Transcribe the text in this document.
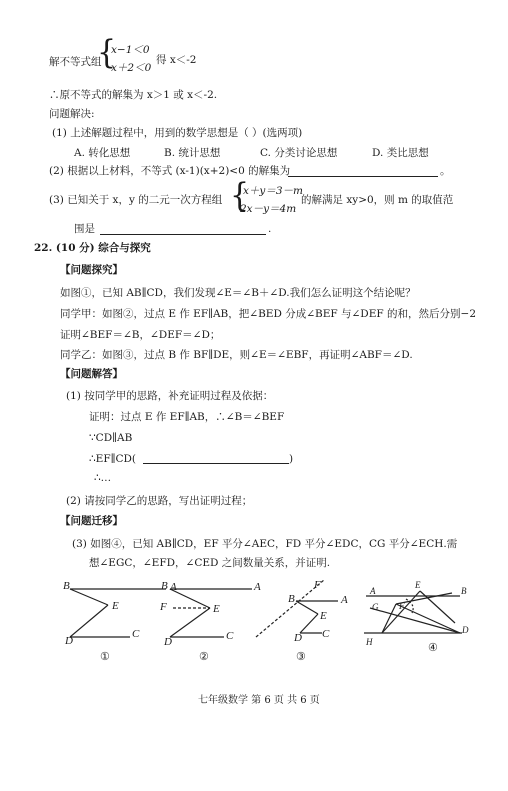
解不等式组
{
x−1＜0
x＋2＜0
得 x＜-2
∴原不等式的解集为 x＞1 或 x＜-2.
问题解决:
(1) 上述解题过程中，用到的数学思想是（ ）(选两项)
A. 转化思想	B. 统计思想	C. 分类讨论思想	D. 类比思想
(2) 根据以上材料，不等式 (x-1)(x+2)<0 的解集为	。
(3) 已知关于 x，y 的二元一次方程组 {
x＋y＝3－m
2x－y＝4m
的解满足 xy>0，则 m 的取值范
围是	.
22. (10 分) 综合与探究
【问题探究】
如图①，已知 AB∥CD，我们发现∠E＝∠B＋∠D.我们怎么证明这个结论呢？
同学甲：如图②，过点 E 作 EF∥AB，把∠BED 分成∠BEF 与∠DEF 的和，然后分别−2
证明∠BEF＝∠B，∠DEF＝∠D；
同学乙：如图③，过点 B 作 BF∥DE，则∠E＝∠EBF，再证明∠ABF＝∠D.
【问题解答】
(1) 按同学甲的思路，补充证明过程及依据：
证明：过点 E 作 EF∥AB，∴∠B＝∠BEF
∵CD∥AB
∴EF∥CD(	)
∴…
(2) 请按同学乙的思路，写出证明过程；
【问题迁移】
(3) 如图④，已知 AB∥CD，EF 平分∠AEC，FD 平分∠EDC，CG 平分∠ECH.需
想∠EGC，∠EFD，∠CED 之间数量关系，并证明.
B	A
E
D
C
①
B	A
F	E
D	C
②
B
F
A
E
D C
③
A
E
B
G F
H
D
④
七年级数学 第 6 页 共 6 页
